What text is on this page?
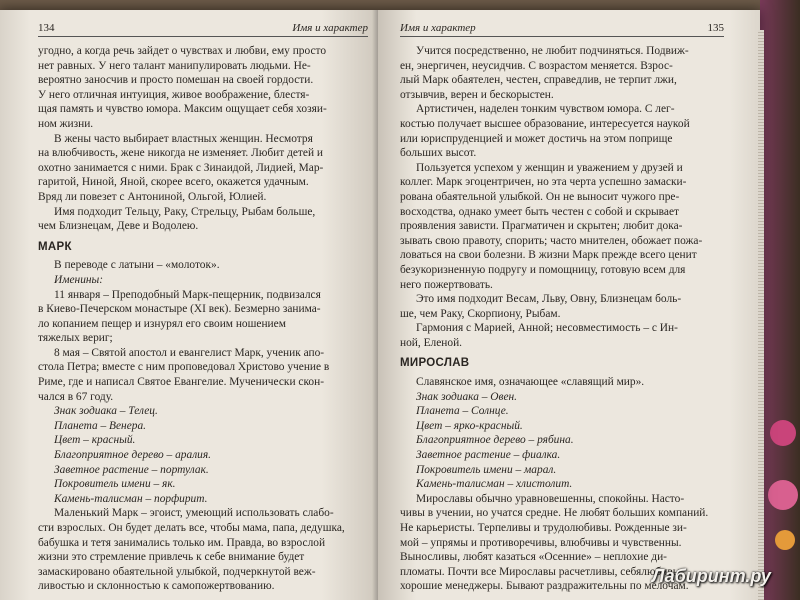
134	Имя и характер
угодно, а когда речь зайдет о чувствах и любви, ему просто
нет равных. У него талант манипулировать людьми. Не-
вероятно заносчив и просто помешан на своей гордости.
У него отличная интуиция, живое воображение, блестя-
щая память и чувство юмора. Максим ощущает себя хозяи-
ном жизни.
В жены часто выбирает властных женщин. Несмотря
на влюбчивость, жене никогда не изменяет. Любит детей и
охотно занимается с ними. Брак с Зинаидой, Лидией, Мар-
гаритой, Ниной, Яной, скорее всего, окажется удачным.
Вряд ли повезет с Антониной, Ольгой, Юлией.
Имя подходит Тельцу, Раку, Стрельцу, Рыбам больше,
чем Близнецам, Деве и Водолею.
МАРК
В переводе с латыни – «молоток».
Именины:
11 января – Преподобный Марк-пещерник, подвизался
в Киево-Печерском монастыре (XI век). Безмерно занима-
ло копанием пещер и изнурял его своим ношением
тяжелых вериг;
8 мая – Святой апостол и евангелист Марк, ученик апо-
стола Петра; вместе с ним проповедовал Христово учение в
Риме, где и написал Святое Евангелие. Мученически скон-
чался в 67 году.
Знак зодиака – Телец.
Планета – Венера.
Цвет – красный.
Благоприятное дерево – аралия.
Заветное растение – портулак.
Покровитель имени – як.
Камень-талисман – порфирит.
Маленький Марк – эгоист, умеющий использовать слабо-
сти взрослых. Он будет делать все, чтобы мама, папа, дедушка,
бабушка и тетя занимались только им. Правда, во взрослой
жизни это стремление привлечь к себе внимание будет
замаскировано обаятельной улыбкой, подчеркнутой веж-
ливостью и склонностью к самопожертвованию.
Имя и характер	135
Учится посредственно, не любит подчиняться. Подвиж-
ен, энергичен, неусидчив. С возрастом меняется. Взрос-
лый Марк обаятелен, честен, справедлив, не терпит лжи,
отзывчив, верен и бескорыстен.
Артистичен, наделен тонким чувством юмора. С лег-
костью получает высшее образование, интересуется наукой
или юриспруденцией и может достичь на этом поприще
больших высот.
Пользуется успехом у женщин и уважением у друзей и
коллег. Марк эгоцентричен, но эта черта успешно замаски-
рована обаятельной улыбкой. Он не выносит чужого пре-
восходства, однако умеет быть честен с собой и скрывает
проявления зависти. Прагматичен и скрытен; любит дока-
зывать свою правоту, спорить; часто мнителен, обожает пожа-
ловаться на свои болезни. В жизни Марк прежде всего ценит
безукоризненную подругу и помощницу, готовую всем для
него пожертвовать.
Это имя подходит Весам, Льву, Овну, Близнецам боль-
ше, чем Раку, Скорпиону, Рыбам.
Гармония с Марией, Анной; несовместимость – с Ин-
ной, Еленой.
МИРОСЛАВ
Славянское имя, означающее «славящий мир».
Знак зодиака – Овен.
Планета – Солнце.
Цвет – ярко-красный.
Благоприятное дерево – рябина.
Заветное растение – фиалка.
Покровитель имени – марал.
Камень-талисман – хлистолит.
Мирославы обычно уравновешенны, спокойны. Насто-
чивы в учении, но учатся средне. Не любят больших компаний.
Не карьеристы. Терпеливы и трудолюбивы. Рожденные зи-
мой – упрямы и противоречивы, влюбчивы и чувственны.
Выносливы, любят казаться «Осенние» – неплохие ди-
пломаты. Почти все Мирославы расчетливы, себялюбивы,
хорошие менеджеры. Бывают раздражительны по мелочам.
Лабиринт.ру
